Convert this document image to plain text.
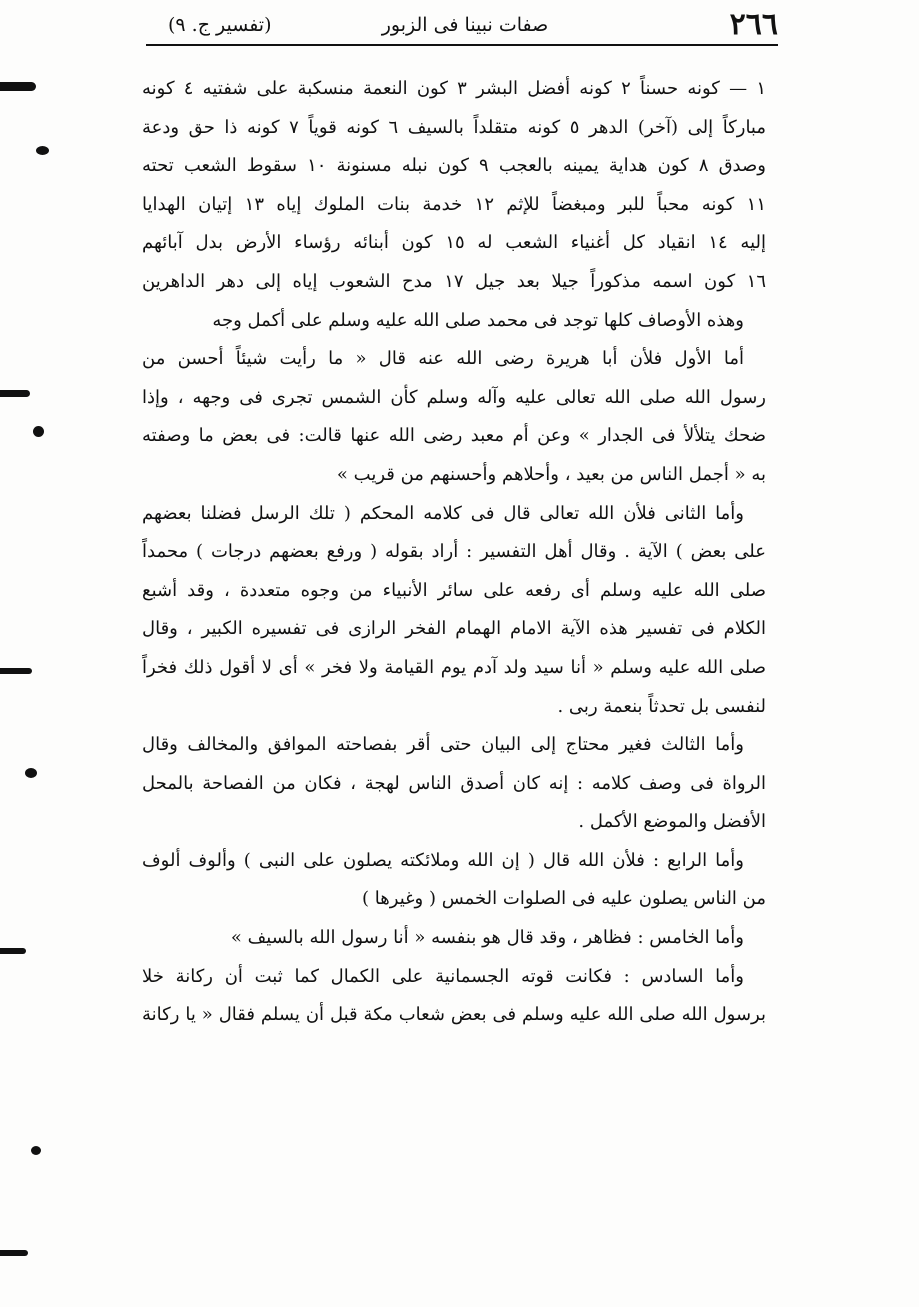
٢٦٦
صفات نبينا فى الزبور
(تفسير ج. ٩)
١ — كونه حسناً ٢ كونه أفضل البشر ٣ كون النعمة منسكبة على شفتيه ٤ كونه
مباركاً إلى (آخر) الدهر ٥ كونه متقلداً بالسيف ٦ كونه قوياً ٧ كونه ذا حق ودعة
وصدق ٨ كون هداية يمينه بالعجب ٩ كون نبله مسنونة ١٠ سقوط الشعب تحته
١١ كونه محباً للبر ومبغضاً للإثم ١٢ خدمة بنات الملوك إياه ١٣ إتيان الهدايا
إليه ١٤ انقياد كل أغنياء الشعب له ١٥ كون أبنائه رؤساء الأرض بدل آبائهم
١٦ كون اسمه مذكوراً جيلا بعد جيل ١٧ مدح الشعوب إياه إلى دهر الداهرين
وهذه الأوصاف كلها توجد فى محمد صلى الله عليه وسلم على أكمل وجه
أما الأول فلأن أبا هريرة رضى الله عنه قال « ما رأيت شيئاً أحسن من
رسول الله صلى الله تعالى عليه وآله وسلم كأن الشمس تجرى فى وجهه ، وإذا
ضحك يتلألأ فى الجدار » وعن أم معبد رضى الله عنها قالت: فى بعض ما وصفته
به « أجمل الناس من بعيد ، وأحلاهم وأحسنهم من قريب »
وأما الثانى فلأن الله تعالى قال فى كلامه المحكم ( تلك الرسل فضلنا بعضهم
على بعض ) الآية . وقال أهل التفسير : أراد بقوله ( ورفع بعضهم درجات ) محمداً
صلى الله عليه وسلم أى رفعه على سائر الأنبياء من وجوه متعددة ، وقد أشبع
الكلام فى تفسير هذه الآية الامام الهمام الفخر الرازى فى تفسيره الكبير ، وقال
صلى الله عليه وسلم « أنا سيد ولد آدم يوم القيامة ولا فخر » أى لا أقول ذلك فخراً
لنفسى بل تحدثاً بنعمة ربى .
وأما الثالث فغير محتاج إلى البيان حتى أقر بفصاحته الموافق والمخالف وقال
الرواة فى وصف كلامه : إنه كان أصدق الناس لهجة ، فكان من الفصاحة بالمحل
الأفضل والموضع الأكمل .
وأما الرابع : فلأن الله قال ( إن الله وملائكته يصلون على النبى ) وألوف ألوف
من الناس يصلون عليه فى الصلوات الخمس ( وغيرها )
وأما الخامس : فظاهر ، وقد قال هو بنفسه « أنا رسول الله بالسيف »
وأما السادس : فكانت قوته الجسمانية على الكمال كما ثبت أن ركانة خلا
برسول الله صلى الله عليه وسلم فى بعض شعاب مكة قبل أن يسلم فقال « يا ركانة
